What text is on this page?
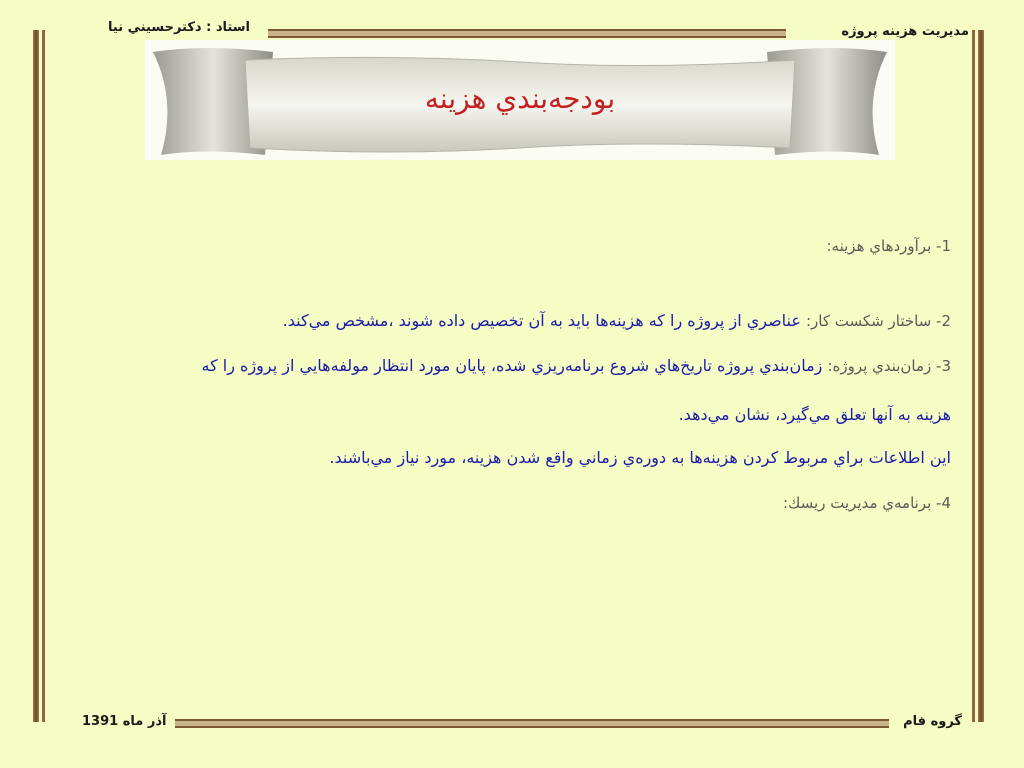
استاد : دكترحسيني نيا	مديريت هزينه پروژه
آذر ماه 1391	گروه فام
بودجه‌بندي هزينه
1- برآوردهاي هزينه:
2- ساختار شكست كار: عناصري از پروژه را كه هزينه‌ها بايد به آن تخصيص داده شوند ،مشخص مي‌كند.
3- زمان‌بندي پروژه: زمان‌بندي پروژه تاريخ‌هاي شروع برنامه‌ريزي شده، پايان مورد انتظار مولفه‌هايي از پروژه را كه
هزينه به آنها تعلق مي‌گيرد، نشان مي‌دهد.
اين اطلاعات براي مربوط كردن هزينه‌ها به دوره‌ي زماني واقع شدن هزينه، مورد نياز مي‌باشند.
4- برنامه‌ي مديريت ريسك:
